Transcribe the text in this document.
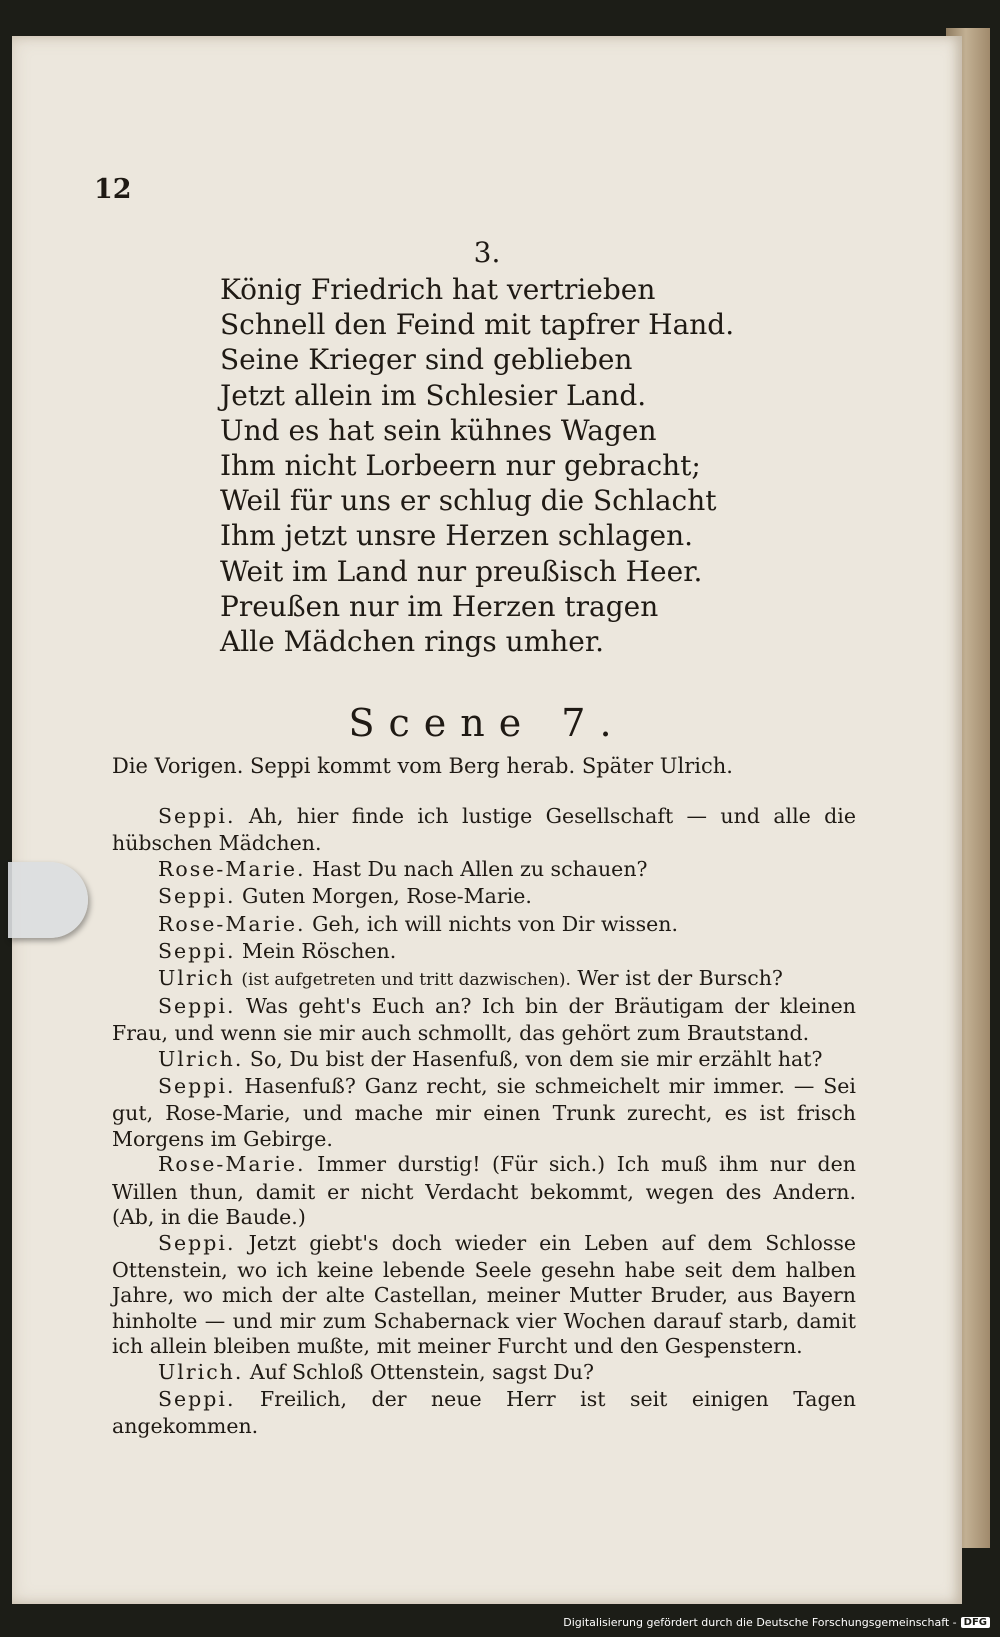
12
3.
König Friedrich hat vertrieben
Schnell den Feind mit tapfrer Hand.
Seine Krieger sind geblieben
Jetzt allein im Schlesier Land.
Und es hat sein kühnes Wagen
Ihm nicht Lorbeern nur gebracht;
Weil für uns er schlug die Schlacht
Ihm jetzt unsre Herzen schlagen.
Weit im Land nur preußisch Heer.
Preußen nur im Herzen tragen
Alle Mädchen rings umher.
Scene 7.
Die Vorigen. Seppi kommt vom Berg herab. Später Ulrich.

Seppi. Ah, hier finde ich lustige Gesellschaft — und alle die hübschen Mädchen.

Rose-Marie. Hast Du nach Allen zu schauen?

Seppi. Guten Morgen, Rose-Marie.

Rose-Marie. Geh, ich will nichts von Dir wissen.

Seppi. Mein Röschen.

Ulrich (ist aufgetreten und tritt dazwischen). Wer ist der Bursch?

Seppi. Was geht's Euch an? Ich bin der Bräutigam der kleinen Frau, und wenn sie mir auch schmollt, das gehört zum Brautstand.

Ulrich. So, Du bist der Hasenfuß, von dem sie mir erzählt hat?

Seppi. Hasenfuß? Ganz recht, sie schmeichelt mir immer. — Sei gut, Rose-Marie, und mache mir einen Trunk zurecht, es ist frisch Morgens im Gebirge.

Rose-Marie. Immer durstig! (Für sich.) Ich muß ihm nur den Willen thun, damit er nicht Verdacht bekommt, wegen des Andern. (Ab, in die Baude.)

Seppi. Jetzt giebt's doch wieder ein Leben auf dem Schlosse Ottenstein, wo ich keine lebende Seele gesehn habe seit dem halben Jahre, wo mich der alte Castellan, meiner Mutter Bruder, aus Bayern hinholte — und mir zum Schabernack vier Wochen darauf starb, damit ich allein bleiben mußte, mit meiner Furcht und den Gespenstern.

Ulrich. Auf Schloß Ottenstein, sagst Du?

Seppi. Freilich, der neue Herr ist seit einigen Tagen angekommen.

Digitalisierung gefördert durch die Deutsche Forschungsgemeinschaft - DFG
